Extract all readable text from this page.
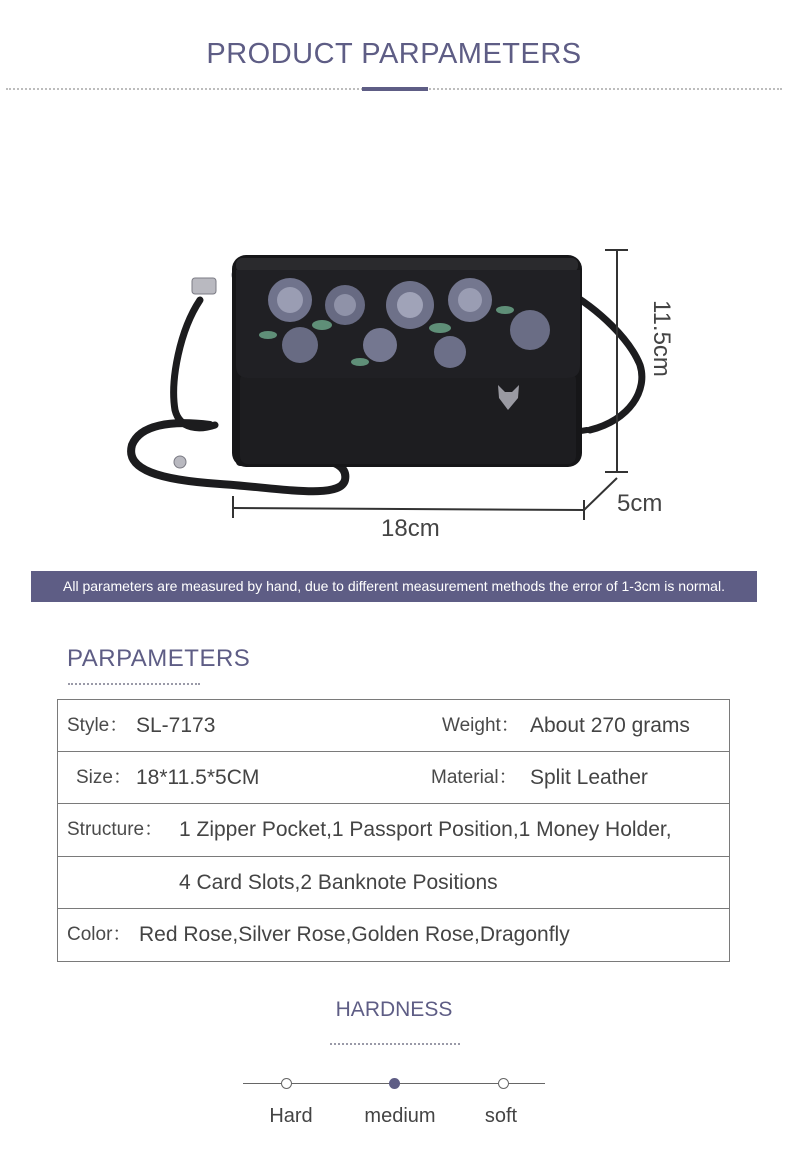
PRODUCT PARPAMETERS
11.5cm
5cm
18cm
All parameters are measured by hand, due to different measurement methods the error of 1-3cm is normal.
PARPAMETERS
Style： SL-7173	Weight： About 270 grams
Size： 18*11.5*5CM	Material： Split Leather
Structure： 1 Zipper Pocket,1 Passport Position,1 Money Holder,
4 Card Slots,2 Banknote Positions
Color： Red Rose,Silver Rose,Golden Rose,Dragonfly
HARDNESS
Hard	medium	soft
